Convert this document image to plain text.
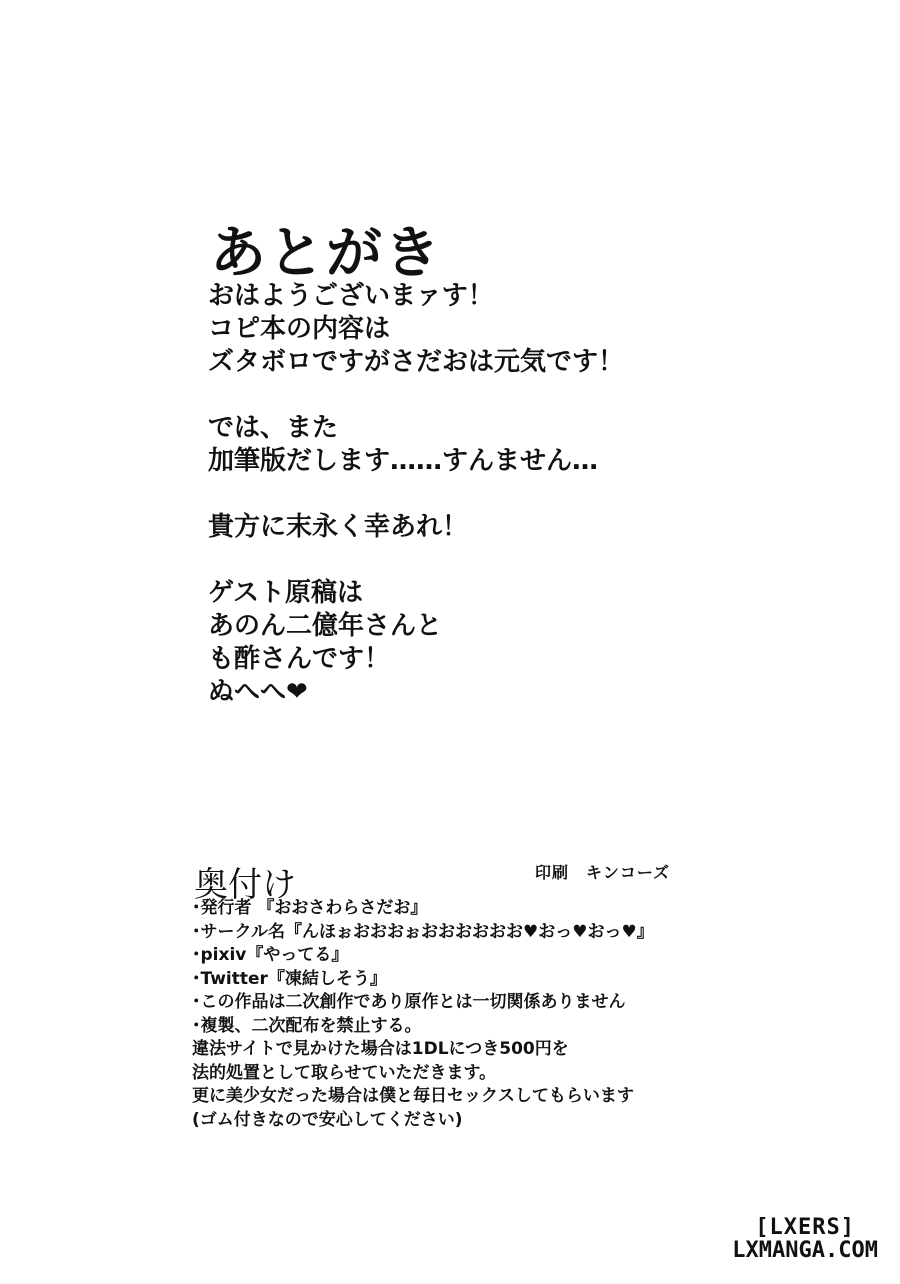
あとがき

おはようございまァす！
コピ本の内容は
ズタボロですがさだおは元気です！

では、また
加筆版だします……すんません…

貴方に末永く幸あれ！

ゲスト原稿は
あのん二億年さんと
も酢さんです！
ぬへへ❤

奥付け	印刷　キンコーズ
･発行者 『おおさわらさだお』
･サークル名『んほぉおおおぉおおおおおお♥おっ♥おっ♥』
･pixiv『やってる』
･Twitter『凍結しそう』
･この作品は二次創作であり原作とは一切関係ありません
･複製、二次配布を禁止する。
違法サイトで見かけた場合は1DLにつき500円を
法的処置として取らせていただきます。
更に美少女だった場合は僕と毎日セックスしてもらいます
(ゴム付きなので安心してください)
[LXERS]
LXMANGA.COM
